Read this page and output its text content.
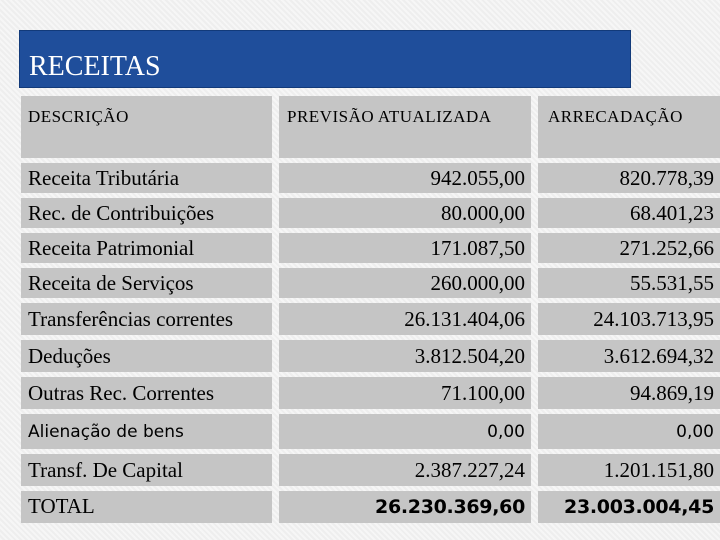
RECEITAS
DESCRIÇÃO	PREVISÃO ATUALIZADA	ARRECADAÇÃO
Receita Tributária	942.055,00	820.778,39
Rec. de Contribuições	80.000,00	68.401,23
Receita Patrimonial	171.087,50	271.252,66
Receita de Serviços	260.000,00	55.531,55
Transferências correntes	26.131.404,06	24.103.713,95
Deduções	3.812.504,20	3.612.694,32
Outras Rec. Correntes	71.100,00	94.869,19
Alienação de bens	0,00	0,00
Transf. De Capital	2.387.227,24	1.201.151,80
TOTAL	26.230.369,60	23.003.004,45
